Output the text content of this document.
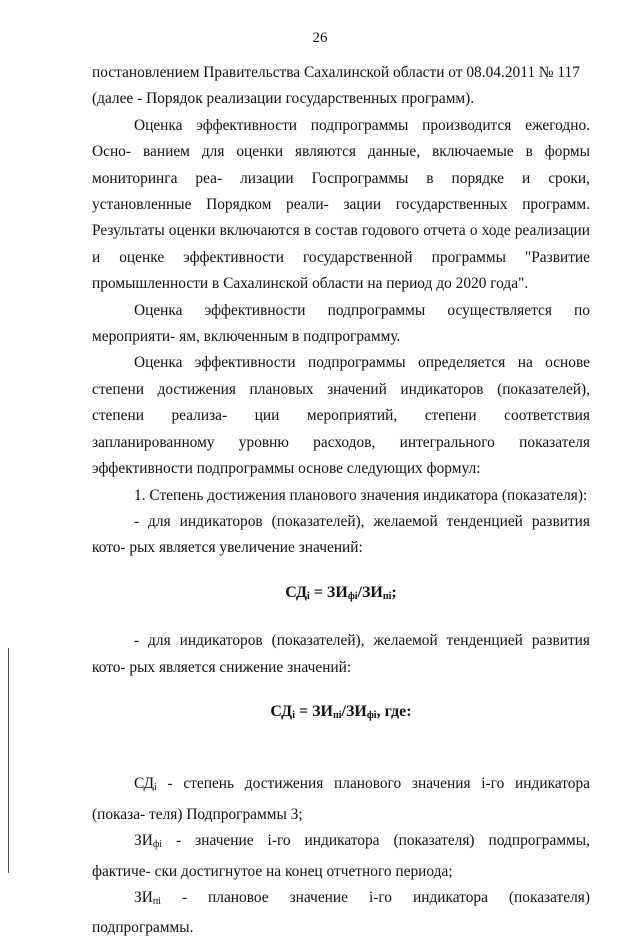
26

постановлением Правительства Сахалинской области от 08.04.2011 № 117
(далее - Порядок реализации государственных программ).

Оценка эффективности подпрограммы производится ежегодно. Осно- ванием для оценки являются данные, включаемые в формы мониторинга реа- лизации Госпрограммы в порядке и сроки, установленные Порядком реали- зации государственных программ. Результаты оценки включаются в состав годового отчета о ходе реализации и оценке эффективности государственной программы "Развитие промышленности в Сахалинской области на период до 2020 года".

Оценка эффективности подпрограммы осуществляется по мероприяти- ям, включенным в подпрограмму.

Оценка эффективности подпрограммы определяется на основе степени достижения плановых значений индикаторов (показателей), степени реализа- ции мероприятий, степени соответствия запланированному уровню расходов, интегрального показателя эффективности подпрограммы основе следующих формул:

1. Степень достижения планового значения индикатора (показателя):

- для индикаторов (показателей), желаемой тенденцией развития кото- рых является увеличение значений:

$СД_i = ЗИ_{фi}/ЗИ_{пi}$;

- для индикаторов (показателей), желаемой тенденцией развития кото- рых является снижение значений:

$СД_i = ЗИ_{пi}/ЗИ_{фi}$, где:

$СД_i$ - степень достижения планового значения i-го индикатора (показа- теля) Подпрограммы 3;

$ЗИ_{фi}$ - значение i-го индикатора (показателя) подпрограммы, фактиче- ски достигнутое на конец отчетного периода;

$ЗИ_{пi}$ - плановое значение i-го индикатора (показателя) подпрограммы.
